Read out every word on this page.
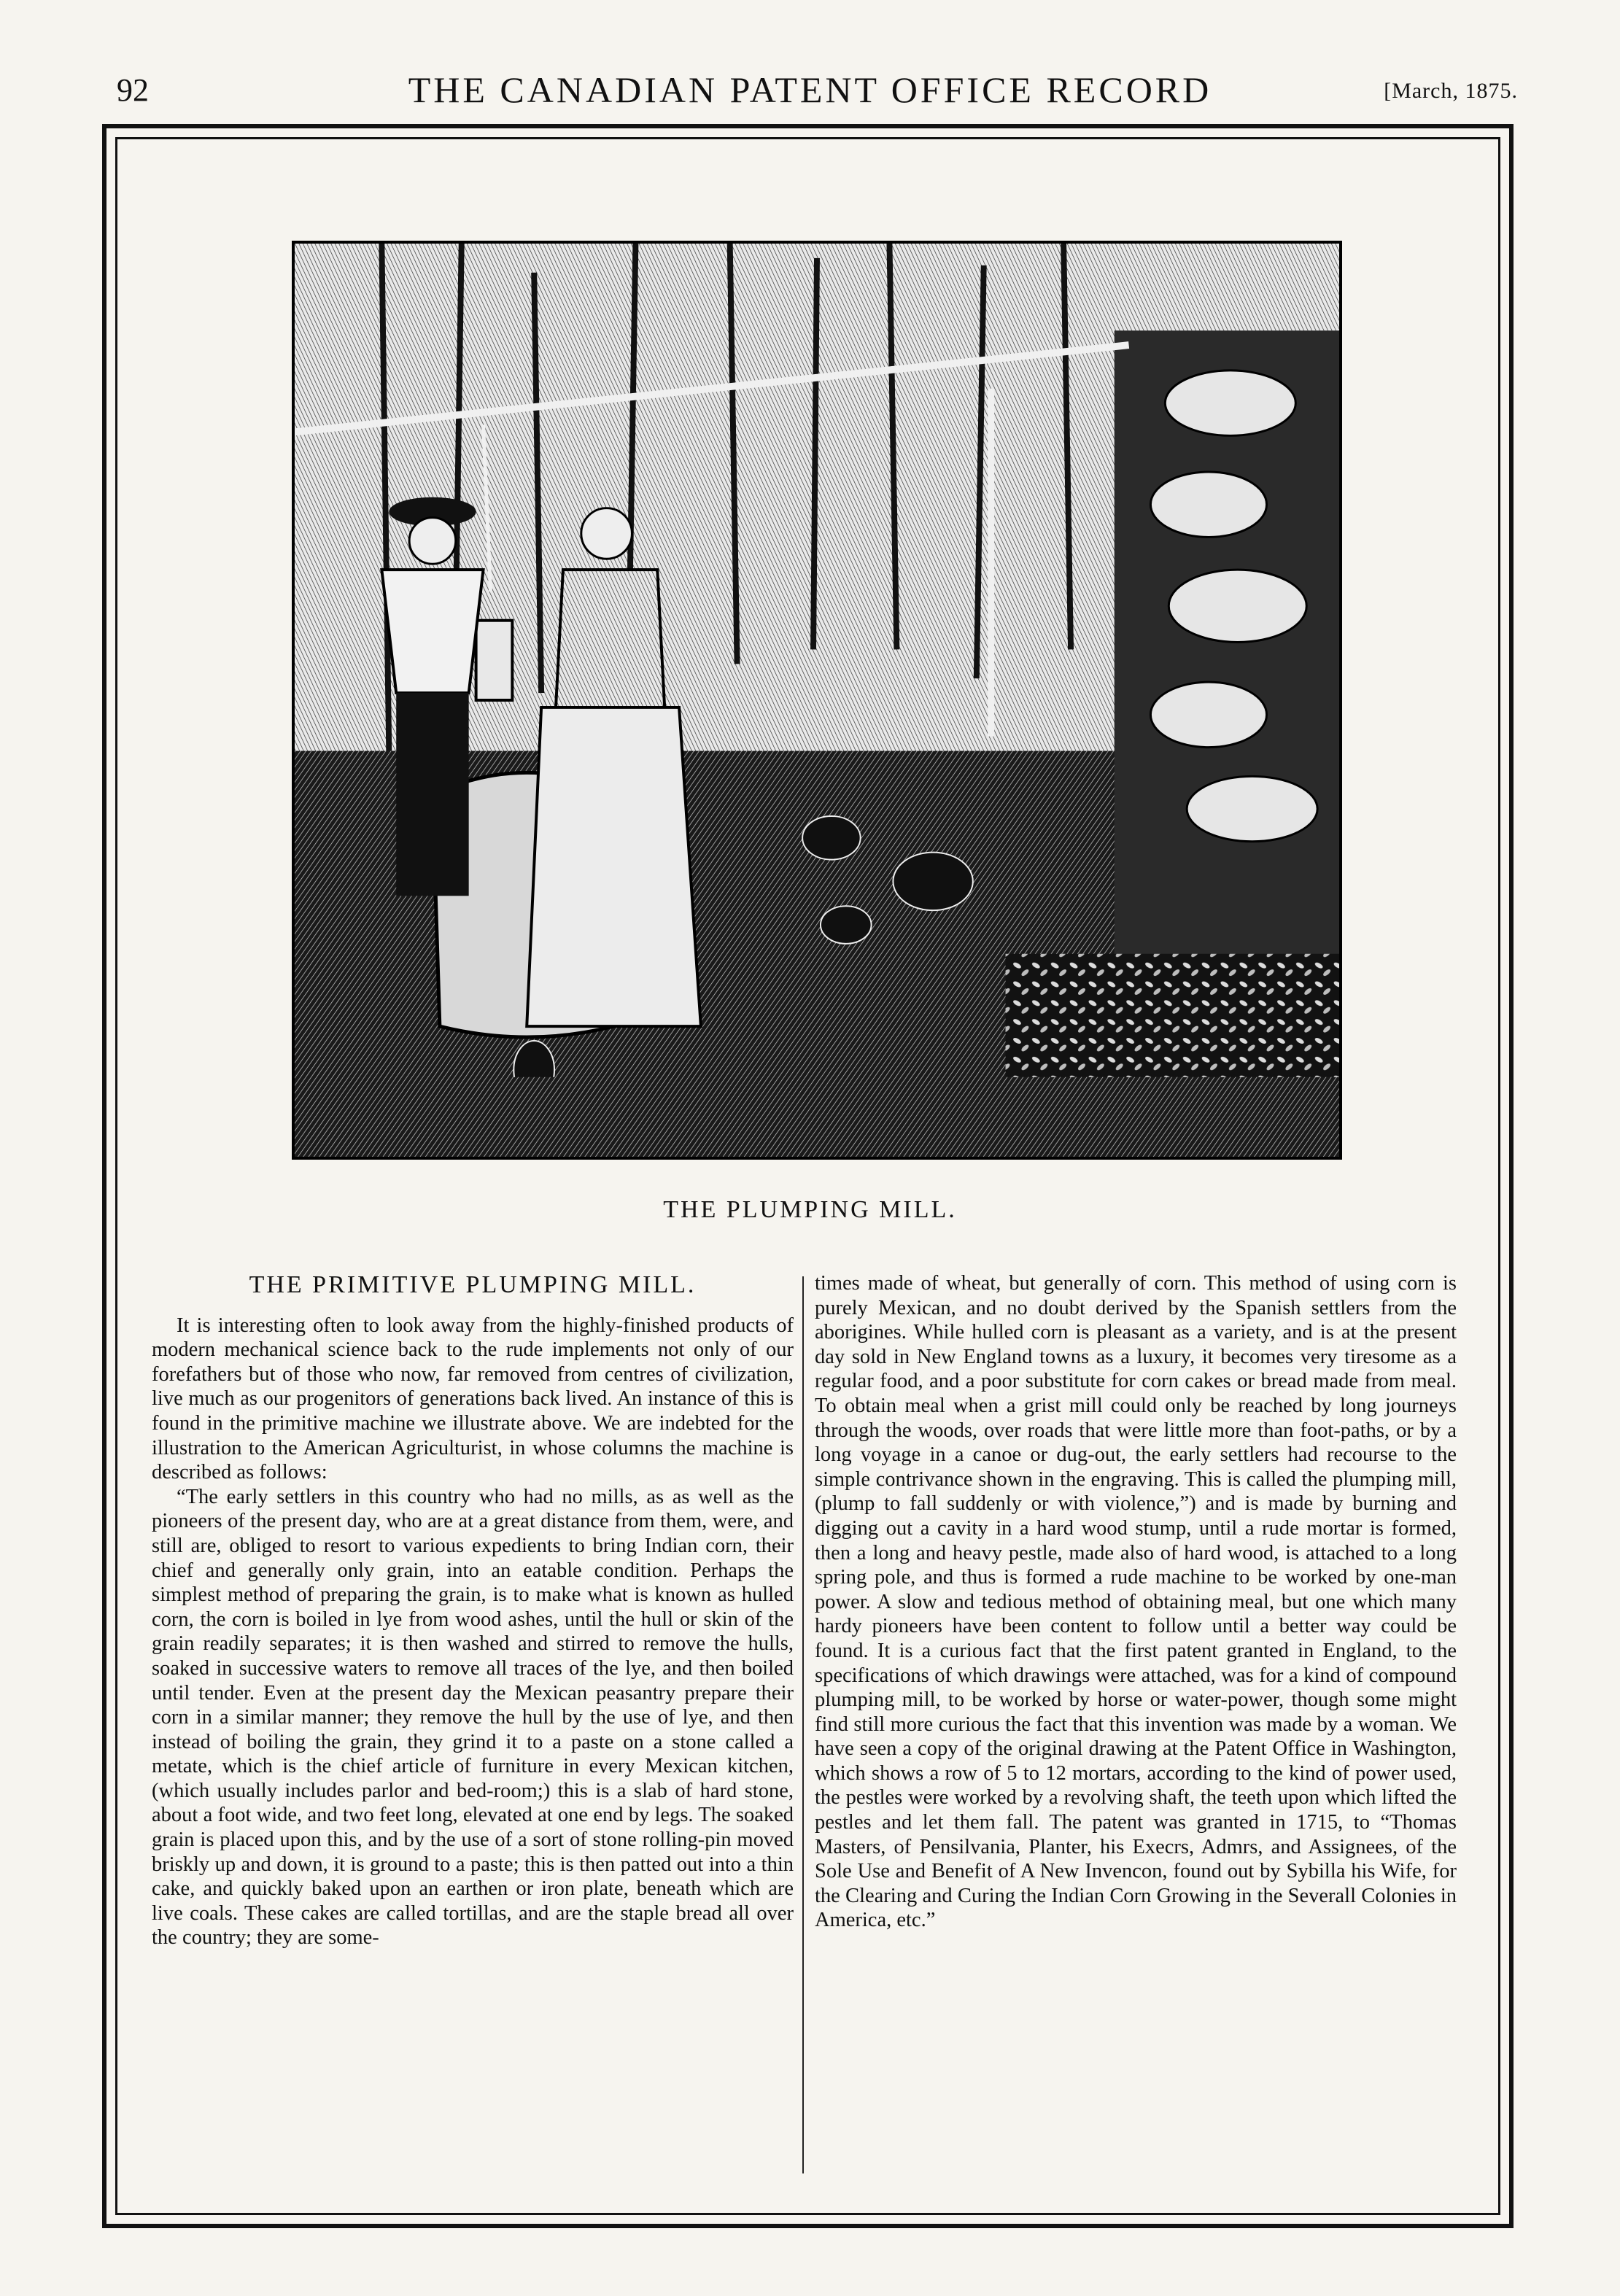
92	THE CANADIAN PATENT OFFICE RECORD	[March, 1875.
THE PLUMPING MILL.
THE PRIMITIVE PLUMPING MILL.

It is interesting often to look away from the highly-finished products of modern mechanical science back to the rude implements not only of our forefathers but of those who now, far removed from centres of civilization, live much as our progenitors of generations back lived. An instance of this is found in the primitive machine we illustrate above. We are indebted for the illustration to the American Agriculturist, in whose columns the machine is described as follows:

“The early settlers in this country who had no mills, as as well as the pioneers of the present day, who are at a great distance from them, were, and still are, obliged to resort to various expedients to bring Indian corn, their chief and generally only grain, into an eatable condition. Perhaps the simplest method of preparing the grain, is to make what is known as hulled corn, the corn is boiled in lye from wood ashes, until the hull or skin of the grain readily separates; it is then washed and stirred to remove the hulls, soaked in successive waters to remove all traces of the lye, and then boiled until tender. Even at the present day the Mexican peasantry prepare their corn in a similar manner; they remove the hull by the use of lye, and then instead of boiling the grain, they grind it to a paste on a stone called a metate, which is the chief article of furniture in every Mexican kitchen, (which usually includes parlor and bed-room;) this is a slab of hard stone, about a foot wide, and two feet long, elevated at one end by legs. The soaked grain is placed upon this, and by the use of a sort of stone rolling-pin moved briskly up and down, it is ground to a paste; this is then patted out into a thin cake, and quickly baked upon an earthen or iron plate, beneath which are live coals. These cakes are called tortillas, and are the staple bread all over the country; they are some-

times made of wheat, but generally of corn. This method of using corn is purely Mexican, and no doubt derived by the Spanish settlers from the aborigines. While hulled corn is pleasant as a variety, and is at the present day sold in New England towns as a luxury, it becomes very tiresome as a regular food, and a poor substitute for corn cakes or bread made from meal. To obtain meal when a grist mill could only be reached by long journeys through the woods, over roads that were little more than foot-paths, or by a long voyage in a canoe or dug-out, the early settlers had recourse to the simple contrivance shown in the engraving. This is called the plumping mill, (plump to fall suddenly or with violence,”) and is made by burning and digging out a cavity in a hard wood stump, until a rude mortar is formed, then a long and heavy pestle, made also of hard wood, is attached to a long spring pole, and thus is formed a rude machine to be worked by one-man power. A slow and tedious method of obtaining meal, but one which many hardy pioneers have been content to follow until a better way could be found. It is a curious fact that the first patent granted in England, to the specifications of which drawings were attached, was for a kind of compound plumping mill, to be worked by horse or water-power, though some might find still more curious the fact that this invention was made by a woman. We have seen a copy of the original drawing at the Patent Office in Washington, which shows a row of 5 to 12 mortars, according to the kind of power used, the pestles were worked by a revolving shaft, the teeth upon which lifted the pestles and let them fall. The patent was granted in 1715, to “Thomas Masters, of Pensilvania, Planter, his Execrs, Admrs, and Assignees, of the Sole Use and Benefit of A New Invencon, found out by Sybilla his Wife, for the Clearing and Curing the Indian Corn Growing in the Severall Colonies in America, etc.”
